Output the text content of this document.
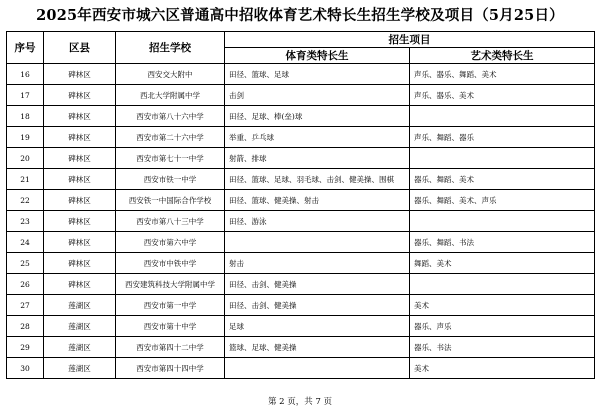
2025年西安市城六区普通高中招收体育艺术特长生招生学校及项目（5月25日）
序号	区县	招生学校	招生项目	
			体育类特长生	艺术类特长生
16	碑林区	西安交大附中	田径、篮球、足球	声乐、器乐、舞蹈、美术
17	碑林区	西北大学附属中学	击剑	声乐、器乐、美术
18	碑林区	西安市第八十六中学	田径、足球、棒(垒)球	
19	碑林区	西安市第二十六中学	举重、乒乓球	声乐、舞蹈、器乐
20	碑林区	西安市第七十一中学	射箭、排球	
21	碑林区	西安市铁一中学	田径、篮球、足球、羽毛球、击剑、健美操、围棋	器乐、舞蹈、美术
22	碑林区	西安铁一中国际合作学校	田径、篮球、健美操、射击	器乐、舞蹈、美术、声乐
23	碑林区	西安市第八十三中学	田径、游泳	
24	碑林区	西安市第六中学		器乐、舞蹈、书法
25	碑林区	西安市中铁中学	射击	舞蹈、美术
26	碑林区	西安建筑科技大学附属中学	田径、击剑、健美操	
27	莲湖区	西安市第一中学	田径、击剑、健美操	美术
28	莲湖区	西安市第十中学	足球	器乐、声乐
29	莲湖区	西安市第四十二中学	篮球、足球、健美操	器乐、书法
30	莲湖区	西安市第四十四中学		美术
第 2 页，共 7 页
